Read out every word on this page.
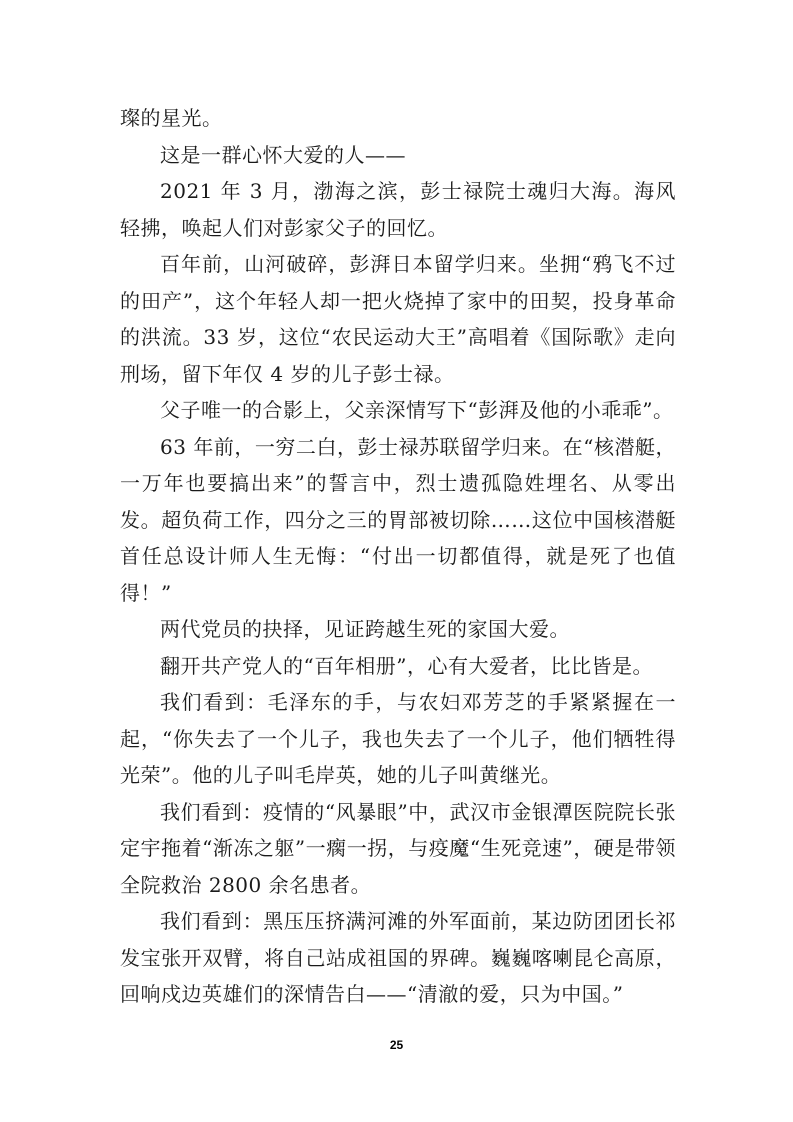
璨的星光。

这是一群心怀大爱的人——

2021 年 3 月，渤海之滨，彭士禄院士魂归大海。海风轻拂，唤起人们对彭家父子的回忆。

百年前，山河破碎，彭湃日本留学归来。坐拥“鸦飞不过的田产”，这个年轻人却一把火烧掉了家中的田契，投身革命的洪流。33 岁，这位“农民运动大王”高唱着《国际歌》走向刑场，留下年仅 4 岁的儿子彭士禄。

父子唯一的合影上，父亲深情写下“彭湃及他的小乖乖”。

63 年前，一穷二白，彭士禄苏联留学归来。在“核潜艇，一万年也要搞出来”的誓言中，烈士遗孤隐姓埋名、从零出发。超负荷工作，四分之三的胃部被切除……这位中国核潜艇首任总设计师人生无悔：“付出一切都值得，就是死了也值得！”

两代党员的抉择，见证跨越生死的家国大爱。

翻开共产党人的“百年相册”，心有大爱者，比比皆是。

我们看到：毛泽东的手，与农妇邓芳芝的手紧紧握在一起，“你失去了一个儿子，我也失去了一个儿子，他们牺牲得光荣”。他的儿子叫毛岸英，她的儿子叫黄继光。

我们看到：疫情的“风暴眼”中，武汉市金银潭医院院长张定宇拖着“渐冻之躯”一瘸一拐，与疫魔“生死竞速”，硬是带领全院救治 2800 余名患者。

我们看到：黑压压挤满河滩的外军面前，某边防团团长祁发宝张开双臂，将自己站成祖国的界碑。巍巍喀喇昆仑高原，回响戍边英雄们的深情告白——“清澈的爱，只为中国。”

25
